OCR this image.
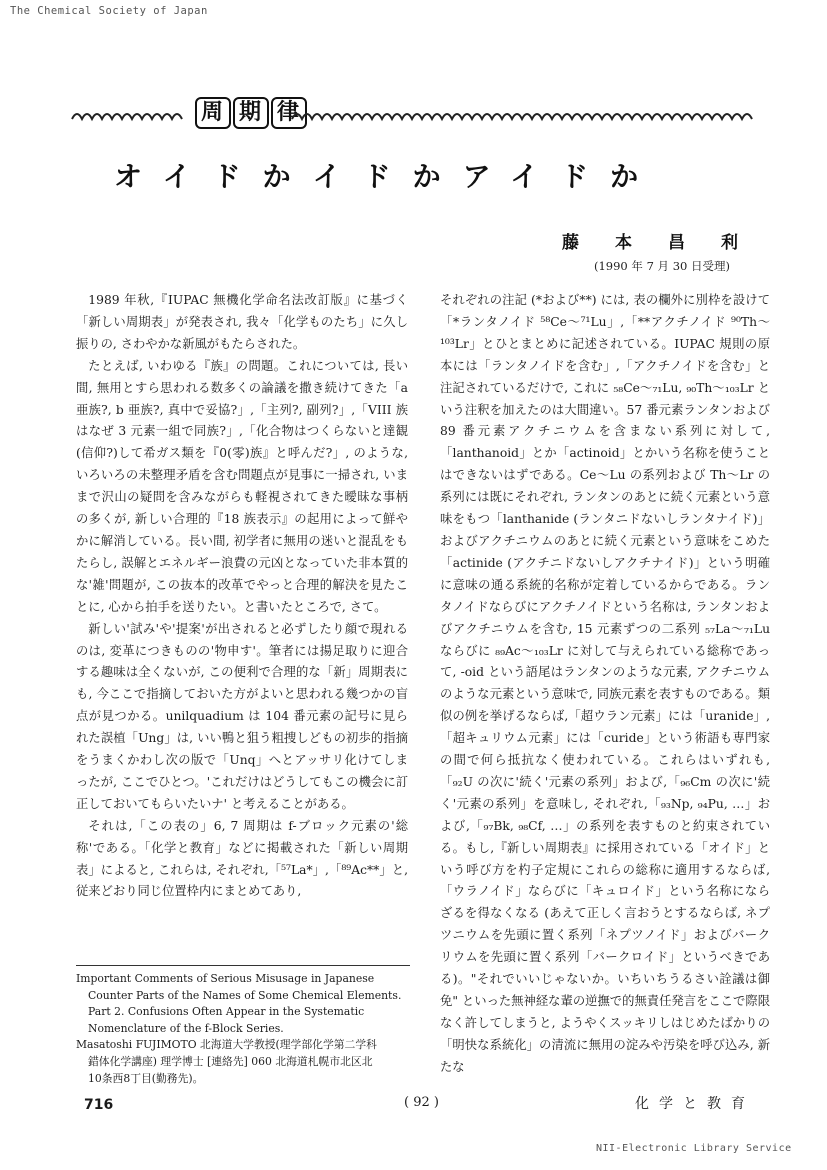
The Chemical Society of Japan
周 期 律
オイドかイドかアイドか
藤本昌利
(1990 年 7 月 30 日受理)

1989 年秋,『IUPAC 無機化学命名法改訂版』に基づく「新しい周期表」が発表され, 我々「化学ものたち」に久し振りの, さわやかな新風がもたらされた。

たとえば, いわゆる『族』の問題。これについては, 長い間, 無用とすら思われる数多くの論議を撒き続けてきた「a 亜族?, b 亜族?, 真中で妥協?」,「主列?, 副列?」,「VIII 族はなぜ 3 元素一組で同族?」,「化合物はつくらないと達観(信仰?)して希ガス類を『0(零)族』と呼んだ?」, のような, いろいろの未整理矛盾を含む問題点が見事に一掃され, いままで沢山の疑問を含みながらも軽視されてきた曖昧な事柄の多くが, 新しい合理的『18 族表示』の起用によって鮮やかに解消している。長い間, 初学者に無用の迷いと混乱をもたらし, 誤解とエネルギー浪費の元凶となっていた非本質的な'雑'問題が, この抜本的改革でやっと合理的解決を見たことに, 心から拍手を送りたい。と書いたところで, さて。

新しい'試み'や'提案'が出されると必ずしたり顔で現れるのは, 変革につきものの'物申す'。筆者には揚足取りに迎合する趣味は全くないが, この便利で合理的な「新」周期表にも, 今ここで指摘しておいた方がよいと思われる幾つかの盲点が見つかる。unilquadium は 104 番元素の記号に見られた誤植「Ung」は, いい鴨と狙う粗捜しどもの初歩的指摘をうまくかわし次の版で「Unq」へとアッサリ化けてしまったが, ここでひとつ。'これだけはどうしてもこの機会に訂正しておいてもらいたいナ' と考えることがある。

それは,「この表の」6, 7 周期は f-ブロック元素の'総称'である。「化学と教育」などに掲載された「新しい周期表」によると, これらは, それぞれ,「⁵⁷La*」,「⁸⁹Ac**」と, 従来どおり同じ位置枠内にまとめてあり,

それぞれの注記 (*および**) には, 表の欄外に別枠を設けて「*ランタノイド ⁵⁸Ce〜⁷¹Lu」,「**アクチノイド ⁹⁰Th〜¹⁰³Lr」とひとまとめに記述されている。IUPAC 規則の原本には「ランタノイドを含む」,「アクチノイドを含む」と注記されているだけで, これに ₅₈Ce〜₇₁Lu, ₉₀Th〜₁₀₃Lr という注釈を加えたのは大間違い。57 番元素ランタンおよび 89 番元素アクチニウムを含まない系列に対して,「lanthanoid」とか「actinoid」とかいう名称を使うことはできないはずである。Ce〜Lu の系列および Th〜Lr の系列には既にそれぞれ, ランタンのあとに続く元素という意味をもつ「lanthanide (ランタニドないしランタナイド)」およびアクチニウムのあとに続く元素という意味をこめた「actinide (アクチニドないしアクチナイド)」という明確に意味の通る系統的名称が定着しているからである。ランタノイドならびにアクチノイドという名称は, ランタンおよびアクチニウムを含む, 15 元素ずつの二系列 ₅₇La〜₇₁Lu ならびに ₈₉Ac〜₁₀₃Lr に対して与えられている総称であって, -oid という語尾はランタンのような元素, アクチニウムのような元素という意味で, 同族元素を表すものである。類似の例を挙げるならば,「超ウラン元素」には「uranide」,「超キュリウム元素」には「curide」という術語も専門家の間で何ら抵抗なく使われている。これらはいずれも,「₉₂U の次に'続く'元素の系列」および,「₉₆Cm の次に'続く'元素の系列」を意味し, それぞれ,「₉₃Np, ₉₄Pu, …」および,「₉₇Bk, ₉₈Cf, …」の系列を表すものと約束されている。もし,『新しい周期表』に採用されている「オイド」という呼び方を杓子定規にこれらの総称に適用するならば,「ウラノイド」ならびに「キュロイド」という名称にならざるを得なくなる (あえて正しく言おうとするならば, ネプツニウムを先頭に置く系列「ネプツノイド」およびバークリウムを先頭に置く系列「バークロイド」というべきである)。"それでいいじゃないか。いちいちうるさい詮議は御免" といった無神経な輩の逆撫で的無責任発言をここで際限なく許してしまうと, ようやくスッキリしはじめたばかりの「明快な系統化」の清流に無用の淀みや汚染を呼び込み, 新たな

Important Comments of Serious Misusage in Japanese
Counter Parts of the Names of Some Chemical Elements.
Part 2. Confusions Often Appear in the Systematic
Nomenclature of the f-Block Series.
Masatoshi FUJIMOTO 北海道大学教授(理学部化学第二学科
錯体化学講座) 理学博士 [連絡先] 060 北海道札幌市北区北
10条西8丁目(勤務先)。
716	( 92 )	化学と教育
NII-Electronic Library Service
